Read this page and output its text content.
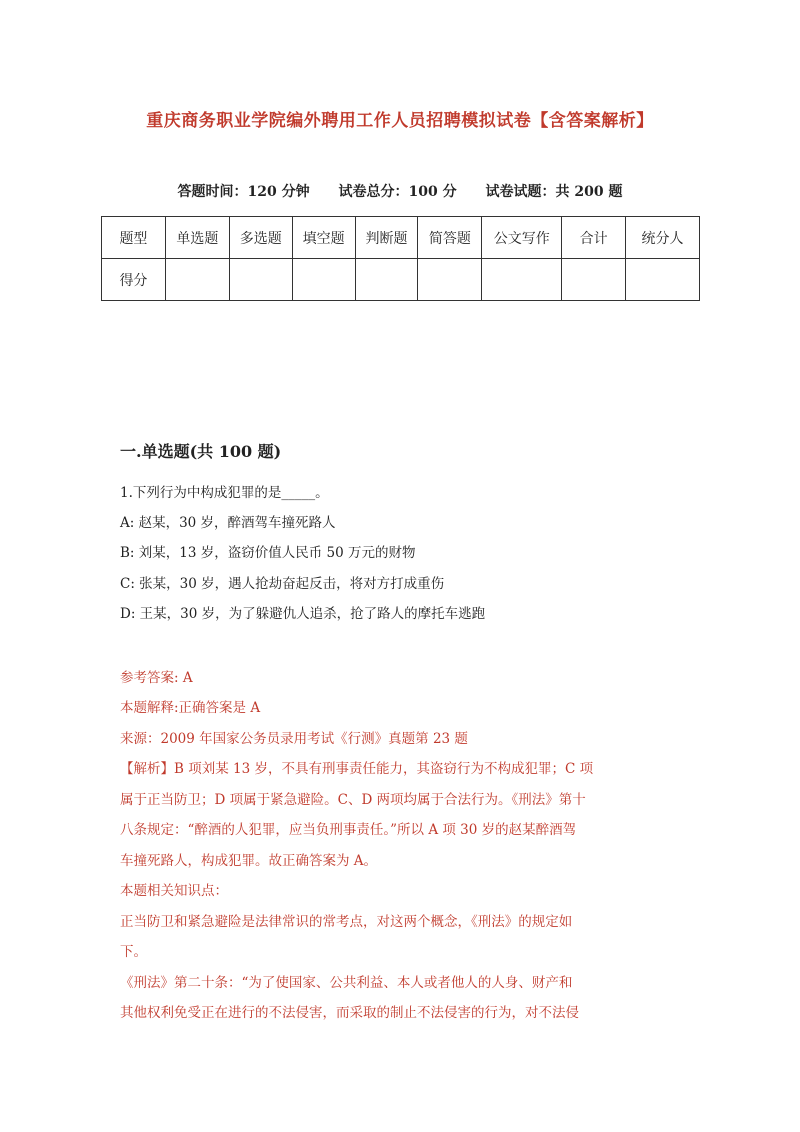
重庆商务职业学院编外聘用工作人员招聘模拟试卷【含答案解析】
答题时间：120 分钟 试卷总分：100 分 试卷试题：共 200 题
题型	单选题	多选题	填空题	判断题	简答题	公文写作	合计	统分人
得分								
一.单选题(共 100 题)
1.下列行为中构成犯罪的是_____。
A: 赵某，30 岁，醉酒驾车撞死路人
B: 刘某，13 岁，盗窃价值人民币 50 万元的财物
C: 张某，30 岁，遇人抢劫奋起反击，将对方打成重伤
D: 王某，30 岁，为了躲避仇人追杀，抢了路人的摩托车逃跑
参考答案: A
本题解释:正确答案是 A
来源：2009 年国家公务员录用考试《行测》真题第 23 题
【解析】B 项刘某 13 岁，不具有刑事责任能力，其盗窃行为不构成犯罪；C 项
属于正当防卫；D 项属于紧急避险。C、D 两项均属于合法行为。《刑法》第十
八条规定：“醉酒的人犯罪，应当负刑事责任。”所以 A 项 30 岁的赵某醉酒驾
车撞死路人，构成犯罪。故正确答案为 A。
本题相关知识点：
正当防卫和紧急避险是法律常识的常考点，对这两个概念，《刑法》的规定如
下。
《刑法》第二十条：“为了使国家、公共利益、本人或者他人的人身、财产和
其他权利免受正在进行的不法侵害，而采取的制止不法侵害的行为，对不法侵
